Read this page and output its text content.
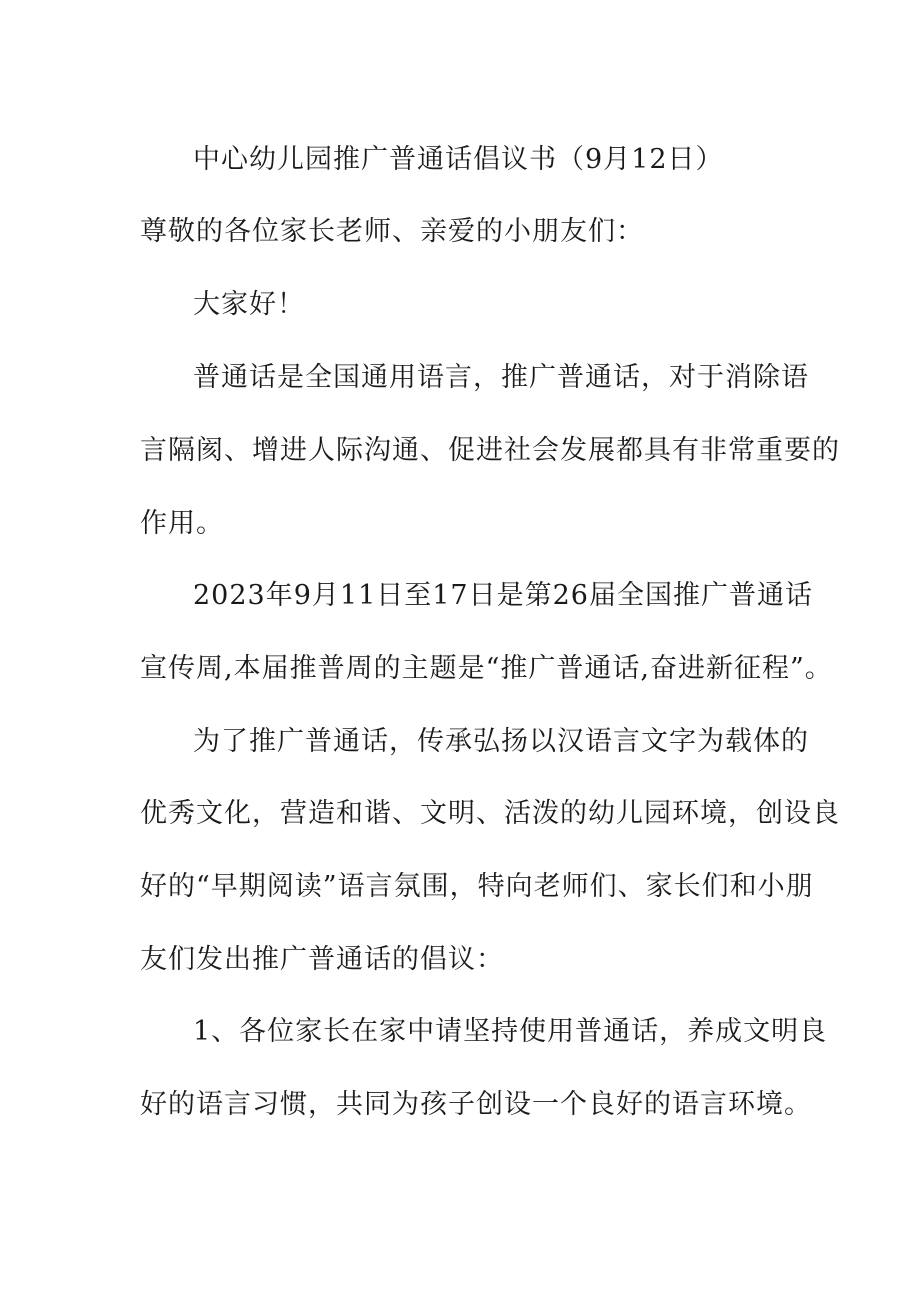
中心幼儿园推广普通话倡议书（9月12日）
尊敬的各位家长老师、亲爱的小朋友们：
大家好！
普通话是全国通用语言，推广普通话，对于消除语
言隔阂、增进人际沟通、促进社会发展都具有非常重要的
作用。
2023年9月11日至17日是第26届全国推广普通话
宣传周,本届推普周的主题是“推广普通话,奋进新征程”。
为了推广普通话，传承弘扬以汉语言文字为载体的
优秀文化，营造和谐、文明、活泼的幼儿园环境，创设良
好的“早期阅读”语言氛围，特向老师们、家长们和小朋
友们发出推广普通话的倡议：
1、各位家长在家中请坚持使用普通话，养成文明良
好的语言习惯，共同为孩子创设一个良好的语言环境。
